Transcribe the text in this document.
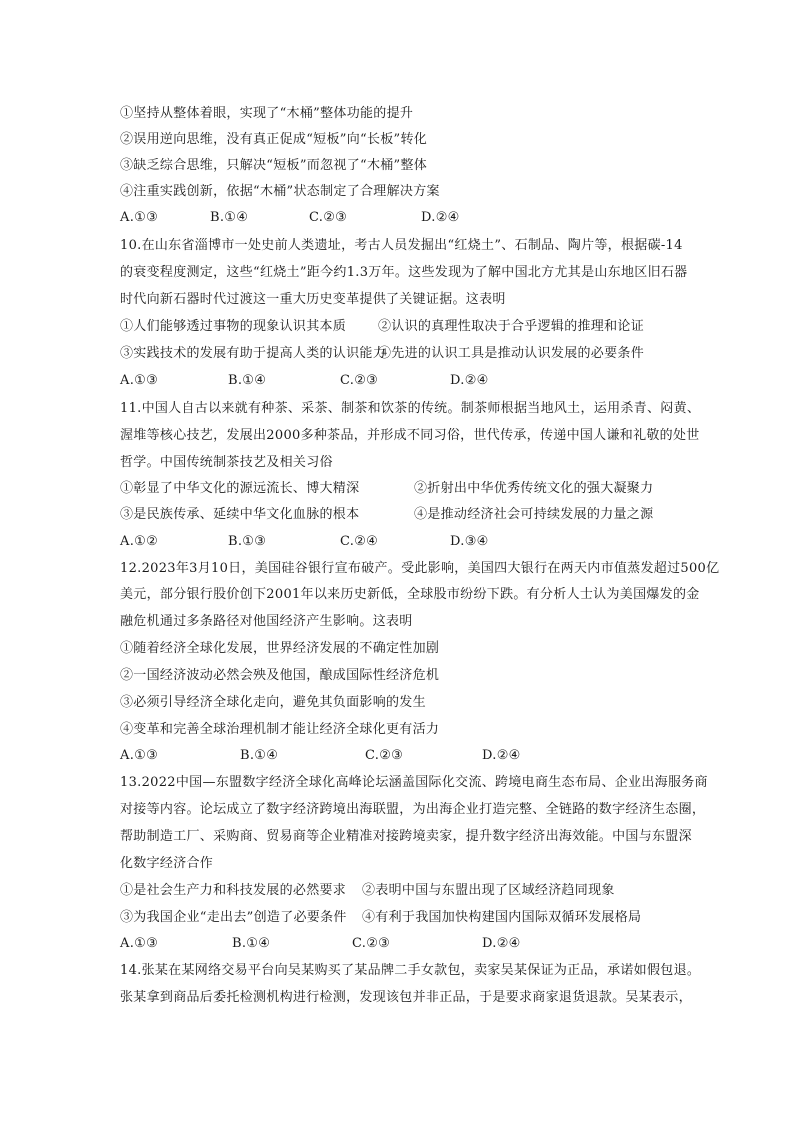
①坚持从整体着眼，实现了“木桶”整体功能的提升
②误用逆向思维，没有真正促成“短板”向“长板”转化
③缺乏综合思维，只解决“短板”而忽视了“木桶”整体
④注重实践创新，依据“木桶”状态制定了合理解决方案
A.①③	B.①④	C.②③	D.②④
10.在山东省淄博市一处史前人类遗址，考古人员发掘出“红烧土”、石制品、陶片等，根据碳-14
的衰变程度测定，这些“红烧土”距今约1.3万年。这些发现为了解中国北方尤其是山东地区旧石器
时代向新石器时代过渡这一重大历史变革提供了关键证据。这表明
①人们能够透过事物的现象认识其本质 ②认识的真理性取决于合乎逻辑的推理和论证
③实践技术的发展有助于提高人类的认识能力
④先进的认识工具是推动认识发展的必要条件
A.①③	B.①④	C.②③	D.②④
11.中国人自古以来就有种茶、采茶、制茶和饮茶的传统。制茶师根据当地风土，运用杀青、闷黄、
渥堆等核心技艺，发展出2000多种茶品，并形成不同习俗，世代传承，传递中国人谦和礼敬的处世
哲学。中国传统制茶技艺及相关习俗
①彰显了中华文化的源远流长、博大精深	②折射出中华优秀传统文化的强大凝聚力
③是民族传承、延续中华文化血脉的根本	④是推动经济社会可持续发展的力量之源
A.①②	B.①③	C.②④	D.③④
12.2023年3月10日，美国硅谷银行宣布破产。受此影响，美国四大银行在两天内市值蒸发超过500亿
美元，部分银行股价创下2001年以来历史新低，全球股市纷纷下跌。有分析人士认为美国爆发的金
融危机通过多条路径对他国经济产生影响。这表明
①随着经济全球化发展，世界经济发展的不确定性加剧
②一国经济波动必然会殃及他国，酿成国际性经济危机
③必须引导经济全球化走向，避免其负面影响的发生
④变革和完善全球治理机制才能让经济全球化更有活力
A.①③	B.①④	C.②③	D.②④
13.2022中国—东盟数字经济全球化高峰论坛涵盖国际化交流、跨境电商生态布局、企业出海服务商
对接等内容。论坛成立了数字经济跨境出海联盟，为出海企业打造完整、全链路的数字经济生态圈，
帮助制造工厂、采购商、贸易商等企业精准对接跨境卖家，提升数字经济出海效能。中国与东盟深
化数字经济合作
①是社会生产力和科技发展的必然要求 ②表明中国与东盟出现了区域经济趋同现象
③为我国企业“走出去”创造了必要条件 ④有利于我国加快构建国内国际双循环发展格局
A.①③	B.①④	C.②③	D.②④
14.张某在某网络交易平台向吴某购买了某品牌二手女款包，卖家吴某保证为正品，承诺如假包退。
张某拿到商品后委托检测机构进行检测，发现该包并非正品，于是要求商家退货退款。吴某表示，
